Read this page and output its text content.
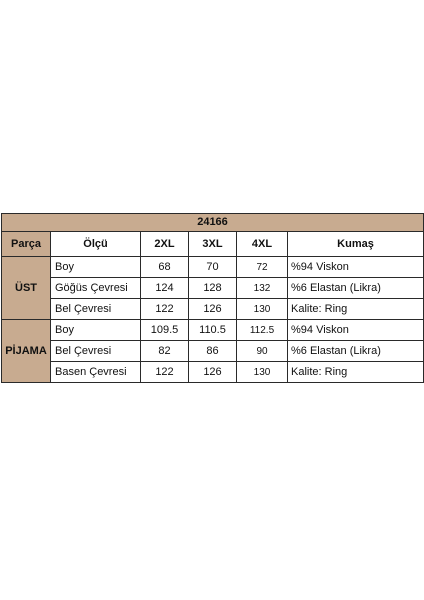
24166					
Parça	Ölçü	2XL	3XL	4XL	Kumaş
ÜST	Boy	68	70	72	%94 Viskon
	Göğüs Çevresi	124	128	132	%6 Elastan (Likra)
	Bel Çevresi	122	126	130	Kalite: Ring
PİJAMA	Boy	109.5	110.5	112.5	%94 Viskon
	Bel Çevresi	82	86	90	%6 Elastan (Likra)
	Basen Çevresi	122	126	130	Kalite: Ring
